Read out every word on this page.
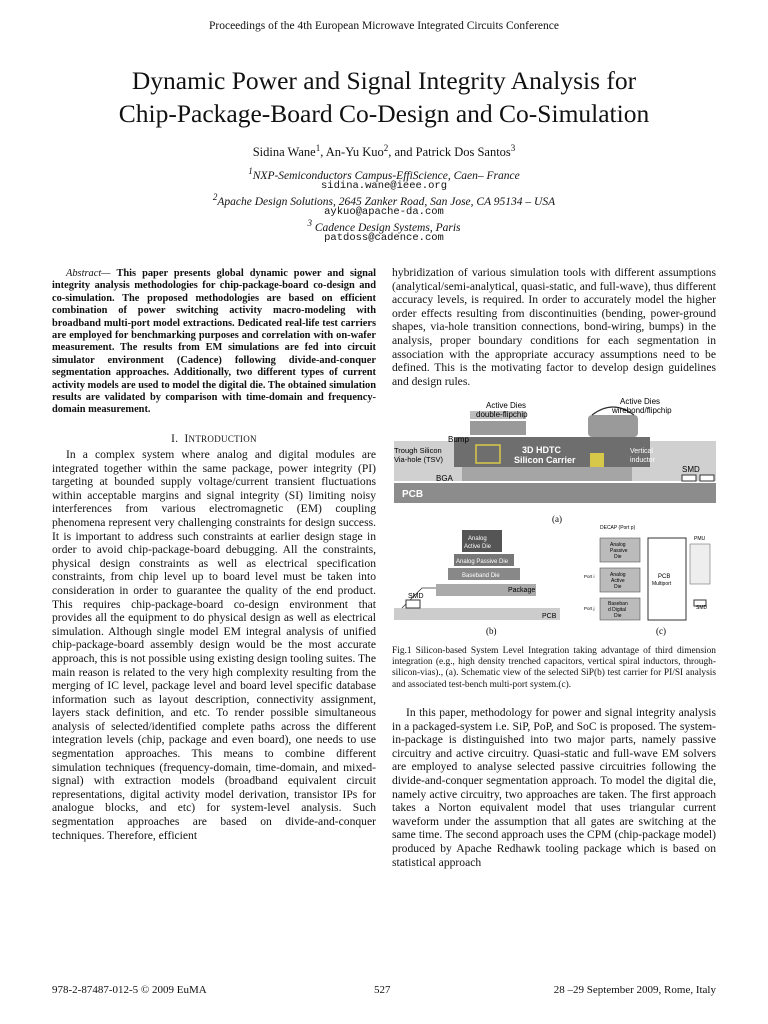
Proceedings of the 4th European Microwave Integrated Circuits Conference
Dynamic Power and Signal Integrity Analysis for
Chip-Package-Board Co-Design and Co-Simulation
Sidina Wane$^1$, An-Yu Kuo$^2$, and Patrick Dos Santos$^3$
$^1$NXP-Semiconductors Campus-EffiScience, Caen– France
sidina.wane@ieee.org
$^2$Apache Design Solutions, 2645 Zanker Road, San Jose, CA 95134 – USA
aykuo@apache-da.com
$^3$ Cadence Design Systems, Paris
patdoss@cadence.com
Abstract— This paper presents global dynamic power and signal integrity analysis methodologies for chip-package-board co-design and co-simulation. The proposed methodologies are based on efficient combination of power switching activity macro-modeling with broadband multi-port model extractions. Dedicated real-life test carriers are employed for benchmarking purposes and correlation with on-wafer measurement. The results from EM simulations are fed into circuit simulator environment (Cadence) following divide-and-conquer segmentation approaches. Additionally, two different types of current activity models are used to model the digital die. The obtained simulation results are validated by comparison with time-domain and frequency-domain measurement.
I. INTRODUCTION

In a complex system where analog and digital modules are integrated together within the same package, power integrity (PI) targeting at bounded supply voltage/current transient fluctuations within acceptable margins and signal integrity (SI) limiting noisy interferences from various electromagnetic (EM) coupling phenomena represent very challenging constraints for design success. It is important to address such constraints at earlier design stage in order to avoid chip-package-board debugging. All the constraints, physical design constraints as well as electrical specification constraints, from chip level up to board level must be taken into consideration in order to guarantee the quality of the end product. This requires chip-package-board co-design environment that provides all the equipment to do physical design as well as electrical simulation. Although single model EM integral analysis of unified chip-package-board assembly design would be the most accurate approach, this is not possible using existing design tooling suites. The main reason is related to the very high complexity resulting from the merging of IC level, package level and board level specific database information such as layout description, connectivity assignment, layers stack definition, and etc. To render possible simultaneous analysis of selected/identified complete paths across the different integration levels (chip, package and even board), one needs to use segmentation approaches. This means to combine different simulation techniques (frequency-domain, time-domain, and mixed-signal) with extraction models (broadband equivalent circuit representations, digital activity model derivation, transistor IPs for analogue blocks, and etc) for system-level analysis. Such segmentation approaches are based on divide-and-conquer techniques. Therefore, efficient

hybridization of various simulation tools with different assumptions (analytical/semi-analytical, quasi-static, and full-wave), thus different accuracy levels, is required. In order to accurately model the higher order effects resulting from discontinuities (bending, power-ground shapes, via-hole transition connections, bond-wiring, bumps) in the analysis, proper boundary conditions for each segmentation in association with the appropriate accuracy assumptions need to be defined. This is the motivating factor to develop design guidelines and design rules.

Active Dies
double-flipchip
Active Dies
wirebond/flipchip
Bump
Trough Silicon
Via-hole (TSV)
3D HDTC
Silicon Carrier
Vertical
inductor
BGA
SMD
PCB
(a)
Analog
Active Die
Analog Passive Die
Baseband Die
Package
SMD
PCB
(b)
DECAP (Port p)
PMU
Analog
Passive
Die
Analog
Active
Die
Baseban
d Digital
Die
PCB
Multiport
Port i
Port j	SMD
(c)
Fig.1 Silicon-based System Level Integration taking advantage of third dimension integration (e.g., high density trenched capacitors, vertical spiral inductors, through-silicon-vias)., (a). Schematic view of the selected SiP(b) test carrier for PI/SI analysis and associated test-bench multi-port system.(c).

In this paper, methodology for power and signal integrity analysis in a packaged-system i.e. SiP, PoP, and SoC is proposed. The system-in-package is distinguished into two major parts, namely passive circuitry and active circuitry. Quasi-static and full-wave EM solvers are employed to analyse selected passive circuitries following the divide-and-conquer segmentation approach. To model the digital die, namely active circuitry, two approaches are taken. The first approach takes a Norton equivalent model that uses triangular current waveform under the assumption that all gates are switching at the same time. The second approach uses the CPM (chip-package model) produced by Apache Redhawk tooling package which is based on statistical approach

978-2-87487-012-5 © 2009 EuMA	527	28 –29 September 2009, Rome, Italy
